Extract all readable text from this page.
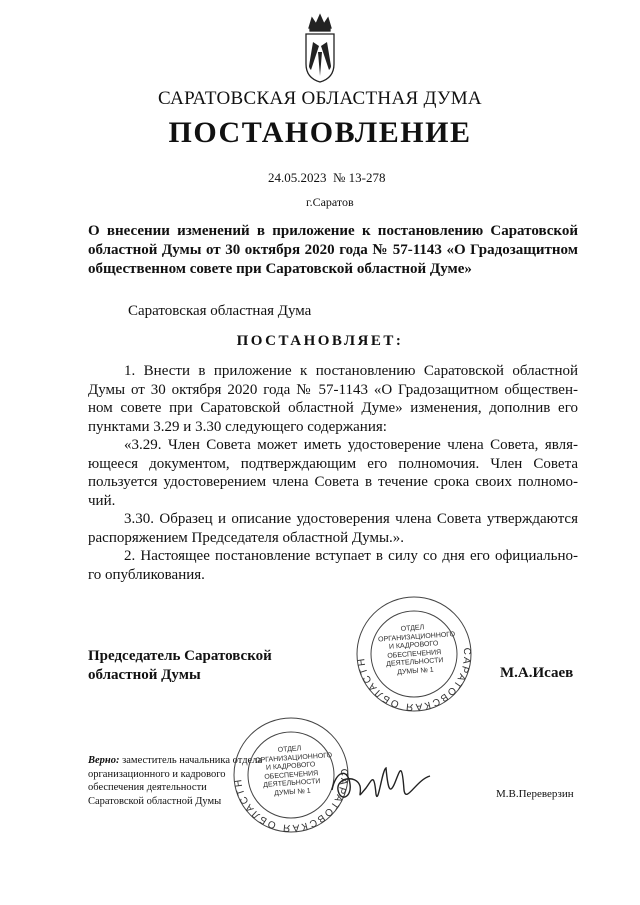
САРАТОВСКАЯ ОБЛАСТНАЯ ДУМА
ПОСТАНОВЛЕНИЕ
24.05.2023  № 13-278
г.Саратов
О внесении изменений в приложение к постановлению Саратовской
областной Думы от 30 октября 2020 года № 57-1143 «О Градозащитном
общественном совете при Саратовской областной Думе»
Саратовская областная Дума
ПОСТАНОВЛЯЕТ:
1. Внести в приложение к постановлению Саратовской областной
Думы от 30 октября 2020 года № 57-1143 «О Градозащитном обществен-
ном совете при Саратовской областной Думе» изменения, дополнив его
пунктами 3.29 и 3.30 следующего содержания:
«3.29. Член Совета может иметь удостоверение члена Совета, явля-
ющееся документом, подтверждающим его полномочия. Член Совета
пользуется удостоверением члена Совета в течение срока своих полномо-
чий.
3.30. Образец и описание удостоверения члена Совета утверждаются
распоряжением Председателя областной Думы.».
2. Настоящее постановление вступает в силу со дня его официально-
го опубликования.
Председатель Саратовской
областной Думы	М.А.Исаев
САРАТОВСКАЯ ОБЛАСТН
ОТДЕЛ
ОРГАНИЗАЦИОННОГО
И КАДРОВОГО
ОБЕСПЕЧЕНИЯ
ДЕЯТЕЛЬНОСТИ
ДУМЫ № 1
Верно: заместитель начальника отдела
организационного и кадрового
обеспечения деятельности
Саратовской областной Думы
САРАТОВСКАЯ ОБЛАСТН
ОТДЕЛ
ОРГАНИЗАЦИОННОГО
И КАДРОВОГО
ОБЕСПЕЧЕНИЯ
ДЕЯТЕЛЬНОСТИ
ДУМЫ № 1	М.В.Переверзин
